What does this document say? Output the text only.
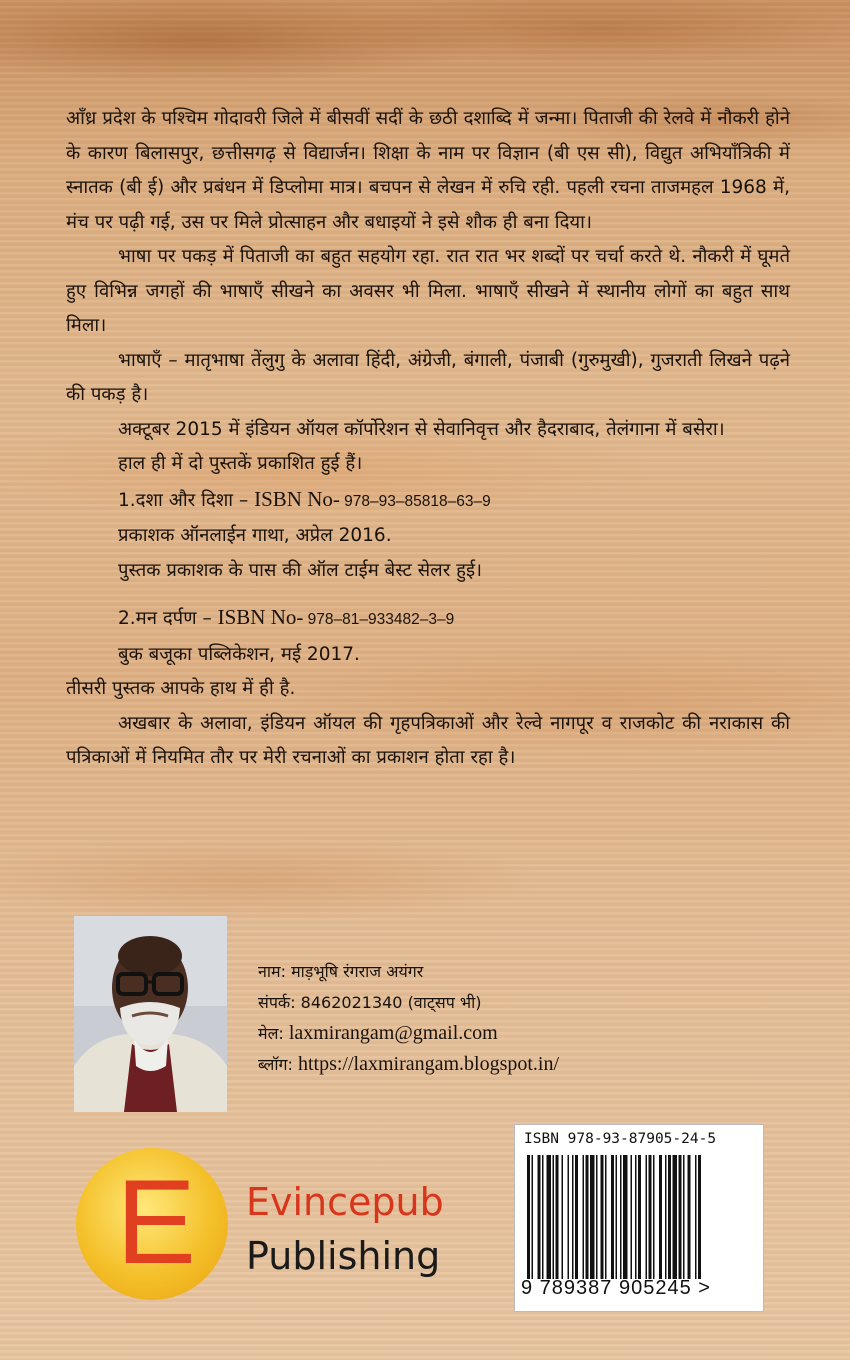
आँध्र प्रदेश के पश्चिम गोदावरी जिले में बीसवीं सदीं के छठी दशाब्दि में जन्मा। पिताजी की रेलवे में नौकरी होने के कारण बिलासपुर, छत्तीसगढ़ से विद्यार्जन। शिक्षा के नाम पर विज्ञान (बी एस सी), विद्युत अभियाँत्रिकी में स्नातक (बी ई) और प्रबंधन में डिप्लोमा मात्र। बचपन से लेखन में रुचि रही. पहली रचना ताजमहल 1968 में, मंच पर पढ़ी गई, उस पर मिले प्रोत्साहन और बधाइयों ने इसे शौक ही बना दिया।

भाषा पर पकड़ में पिताजी का बहुत सहयोग रहा. रात रात भर शब्दों पर चर्चा करते थे. नौकरी में घूमते हुए विभिन्न जगहों की भाषाएँ सीखने का अवसर भी मिला. भाषाएँ सीखने में स्थानीय लोगों का बहुत साथ मिला।

भाषाएँ – मातृभाषा तेंलुगु के अलावा हिंदी, अंग्रेजी, बंगाली, पंजाबी (गुरुमुखी), गुजराती लिखने पढ़ने की पकड़ है।

अक्टूबर 2015 में इंडियन ऑयल कॉर्पोरेशन से सेवानिवृत्त और हैदराबाद, तेलंगाना में बसेरा।

हाल ही में दो पुस्तकें प्रकाशित हुई हैं।

1.दशा और दिशा – ISBN No- 978–93–85818–63–9

प्रकाशक ऑनलाईन गाथा, अप्रेल 2016.

पुस्तक प्रकाशक के पास की ऑल टाईम बेस्ट सेलर हुई।

2.मन दर्पण – ISBN No- 978–81–933482–3–9

बुक बजूका पब्लिकेशन, मई 2017.

तीसरी पुस्तक आपके हाथ में ही है.

अखबार के अलावा, इंडियन ऑयल की गृहपत्रिकाओं और रेल्वे नागपूर व राजकोट की नराकास की पत्रिकाओं में नियमित तौर पर मेरी रचनाओं का प्रकाशन होता रहा है।

नाम: माड़भूषि रंगराज अयंगर
संपर्क: 8462021340 (वाट्सप भी)
मेल: laxmirangam@gmail.com
ब्लॉग: https://laxmirangam.blogspot.in/
E Evincepub
Publishing
ISBN 978-93-87905-24-5
9 789387 905245 >
